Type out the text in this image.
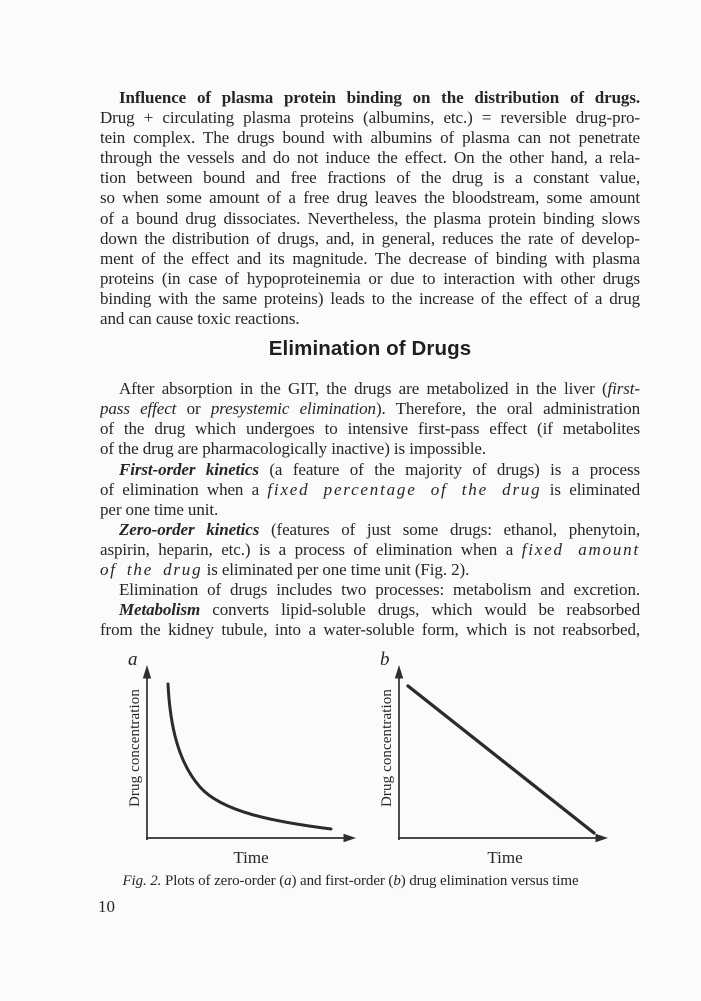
Influence of plasma protein binding on the distribution of drugs.
Drug + circulating plasma proteins (albumins, etc.) = reversible drug-pro-
tein complex. The drugs bound with albumins of plasma can not penetrate
through the vessels and do not induce the effect. On the other hand, a rela-
tion between bound and free fractions of the drug is a constant value,
so when some amount of a free drug leaves the bloodstream, some amount
of a bound drug dissociates. Nevertheless, the plasma protein binding slows
down the distribution of drugs, and, in general, reduces the rate of develop-
ment of the effect and its magnitude. The decrease of binding with plasma
proteins (in case of hypoproteinemia or due to interaction with other drugs
binding with the same proteins) leads to the increase of the effect of a drug
and can cause toxic reactions.
Elimination of Drugs
After absorption in the GIT, the drugs are metabolized in the liver (first-
pass effect or presystemic elimination). Therefore, the oral administration
of the drug which undergoes to intensive first-pass effect (if metabolites
of the drug are pharmacologically inactive) is impossible.
First-order kinetics (a feature of the majority of drugs) is a process
of elimination when a fixed percentage of the drug is eliminated
per one time unit.
Zero-order kinetics (features of just some drugs: ethanol, phenytoin,
aspirin, heparin, etc.) is a process of elimination when a fixed amount
of the drug is eliminated per one time unit (Fig. 2).
Elimination of drugs includes two processes: metabolism and excretion.
Metabolism converts lipid-soluble drugs, which would be reabsorbed
from the kidney tubule, into a water-soluble form, which is not reabsorbed,
a
Drug concentration
Time
b
Drug concentration
Time
Fig. 2. Plots of zero-order (a) and first-order (b) drug elimination versus time
10
